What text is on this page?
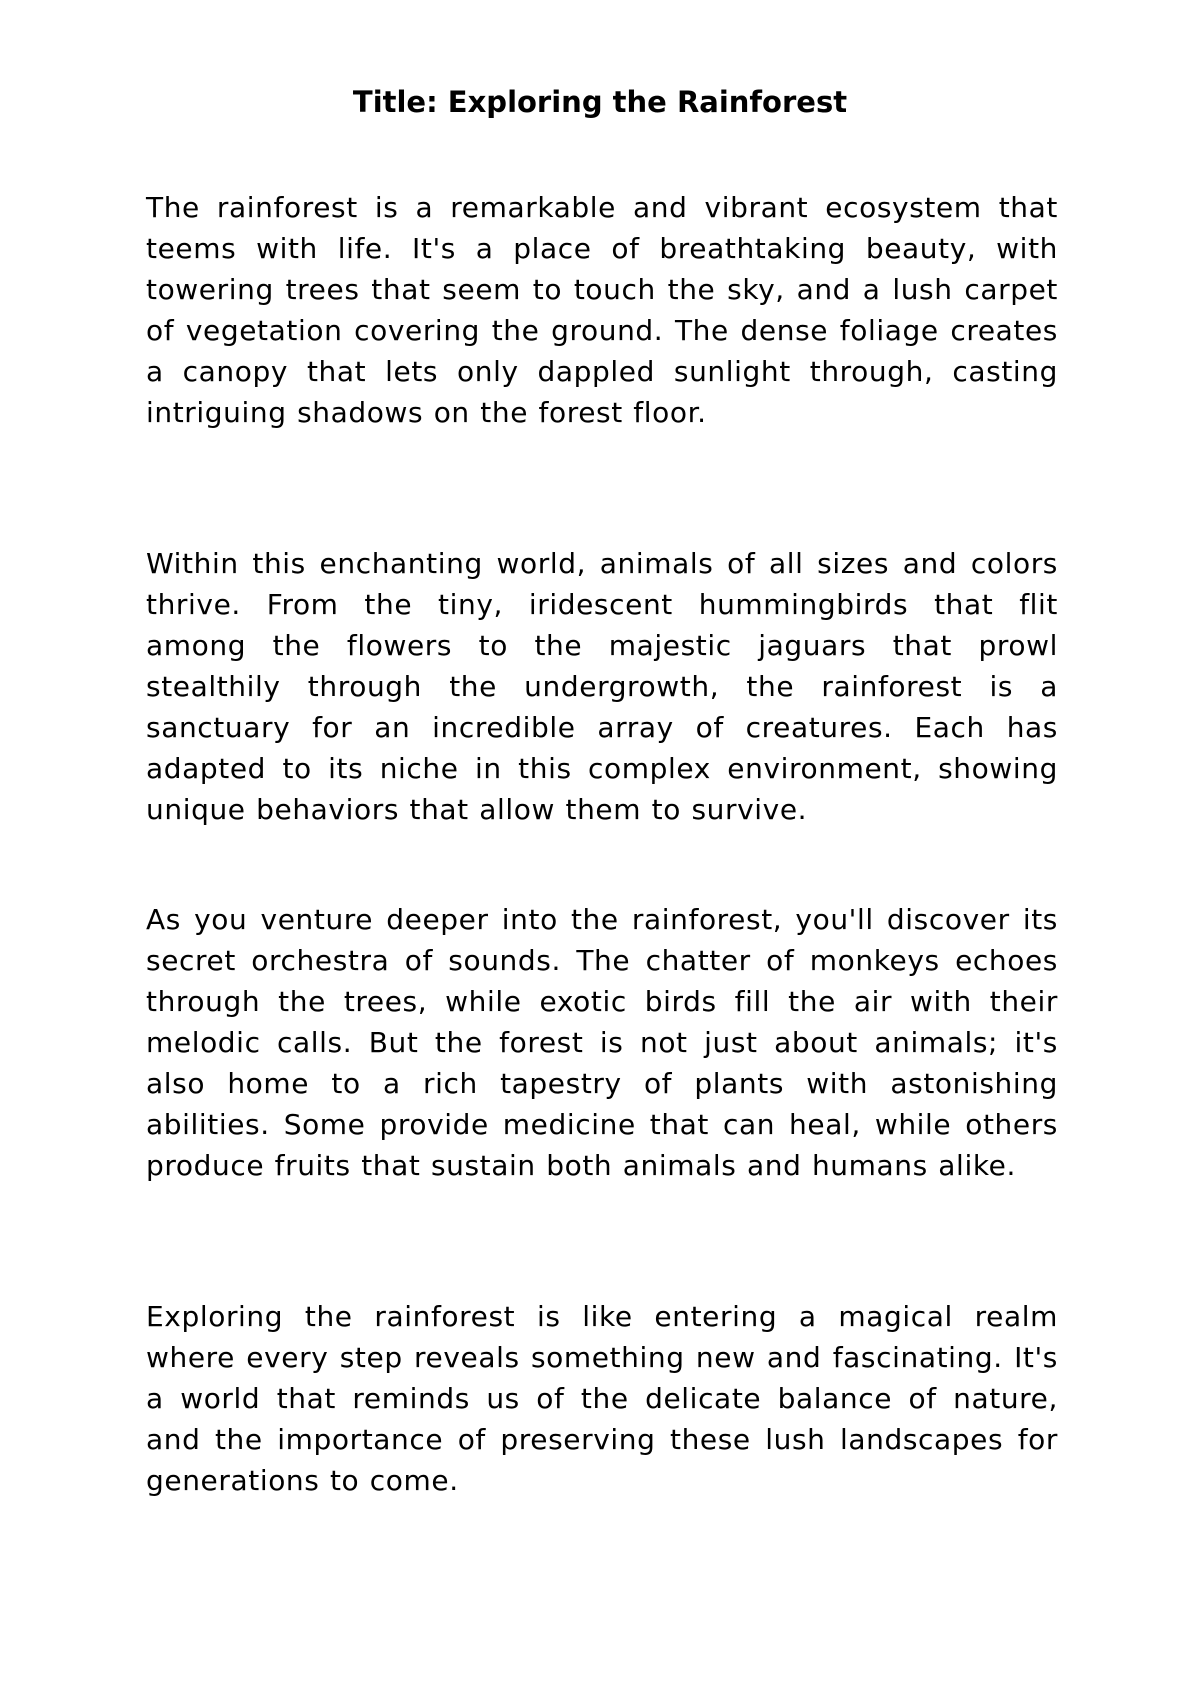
Title: Exploring the Rainforest

The rainforest is a remarkable and vibrant ecosystem that teems with life. It's a place of breathtaking beauty, with towering trees that seem to touch the sky, and a lush carpet of vegetation covering the ground. The dense foliage creates a canopy that lets only dappled sunlight through, casting intriguing shadows on the forest floor.

Within this enchanting world, animals of all sizes and colors thrive. From the tiny, iridescent hummingbirds that flit among the flowers to the majestic jaguars that prowl stealthily through the undergrowth, the rainforest is a sanctuary for an incredible array of creatures. Each has adapted to its niche in this complex environment, showing unique behaviors that allow them to survive.

As you venture deeper into the rainforest, you'll discover its secret orchestra of sounds. The chatter of monkeys echoes through the trees, while exotic birds fill the air with their melodic calls. But the forest is not just about animals; it's also home to a rich tapestry of plants with astonishing abilities. Some provide medicine that can heal, while others produce fruits that sustain both animals and humans alike.

Exploring the rainforest is like entering a magical realm where every step reveals something new and fascinating. It's a world that reminds us of the delicate balance of nature, and the importance of preserving these lush landscapes for generations to come.
